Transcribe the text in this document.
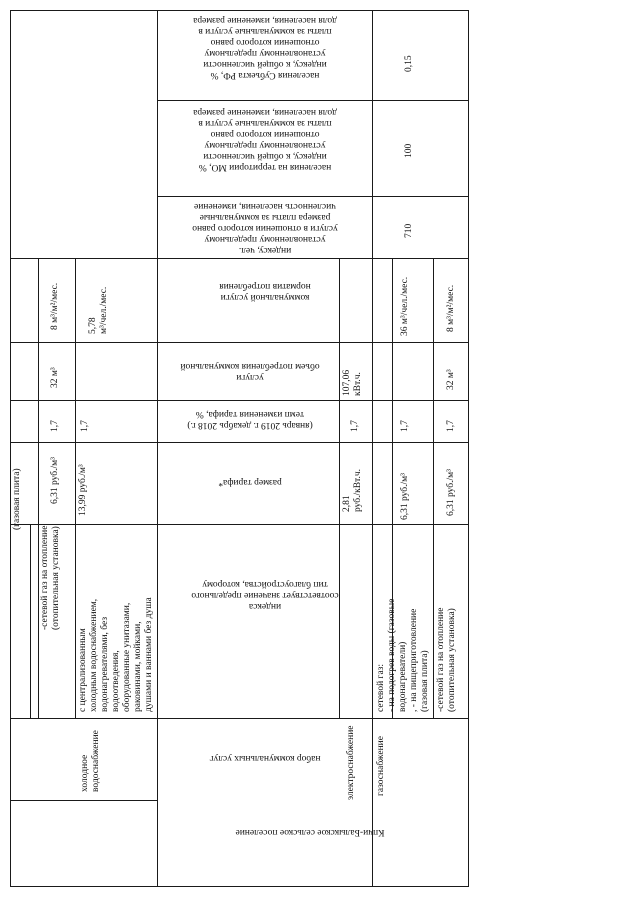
населения Субъекта РФ, %
индексу, к общей численности
установленному предельному
отношении которого равно
платы за коммунальные услуги в
доля населения, изменение размера
0,15
населения на территории МО, %
индексу, к общей численности
установленному предельному
отношении которого равно
платы за коммунальные услуги в
доля населения, изменение размера
100
индексу, чел.
установленному предельному
услуги в отношении которого равно
размера платы за коммунальные
численность населения, изменение
710
коммунальной услуги
норматив потребления
услуги
объем потребления коммунальной
(январь 2019 г. декабрь 2018 г.)
темп изменения тарифа, %
размер тарифа*
индекса
соответствует значение предельного
тип благоустройства, которому
набор коммунальных услуг
Кпчи-Балыкское сельское поселение
(газовая плита)
-сетевой газ на отопление (отопительная установка)
6,31 руб./м³
1,7
32 м³
8 м³/м²/мес.
холодное водоснабжение
с централизованным холодным водоснабжением, водонагревателями, без водоотведения, оборудованные унитазами, раковинами, мойками, душами и ваннами без душа
13,99 руб./м³
1,7
5,78 м³/чел./мес.
электроснабжение
2,81 руб./кВт.ч.
1,7
107,06 кВт.ч.
газоснабжение
сетевой газ: - на подогрев воды (газовые водонагреватели) , - на пищеприготовление (газовая плита)
6,31 руб./м³
1,7
36 м³/чел./мес.
-сетевой газ на отопление (отопительная установка)
6,31 руб./м³
1,7
32 м³
8 м³/м²/мес.
